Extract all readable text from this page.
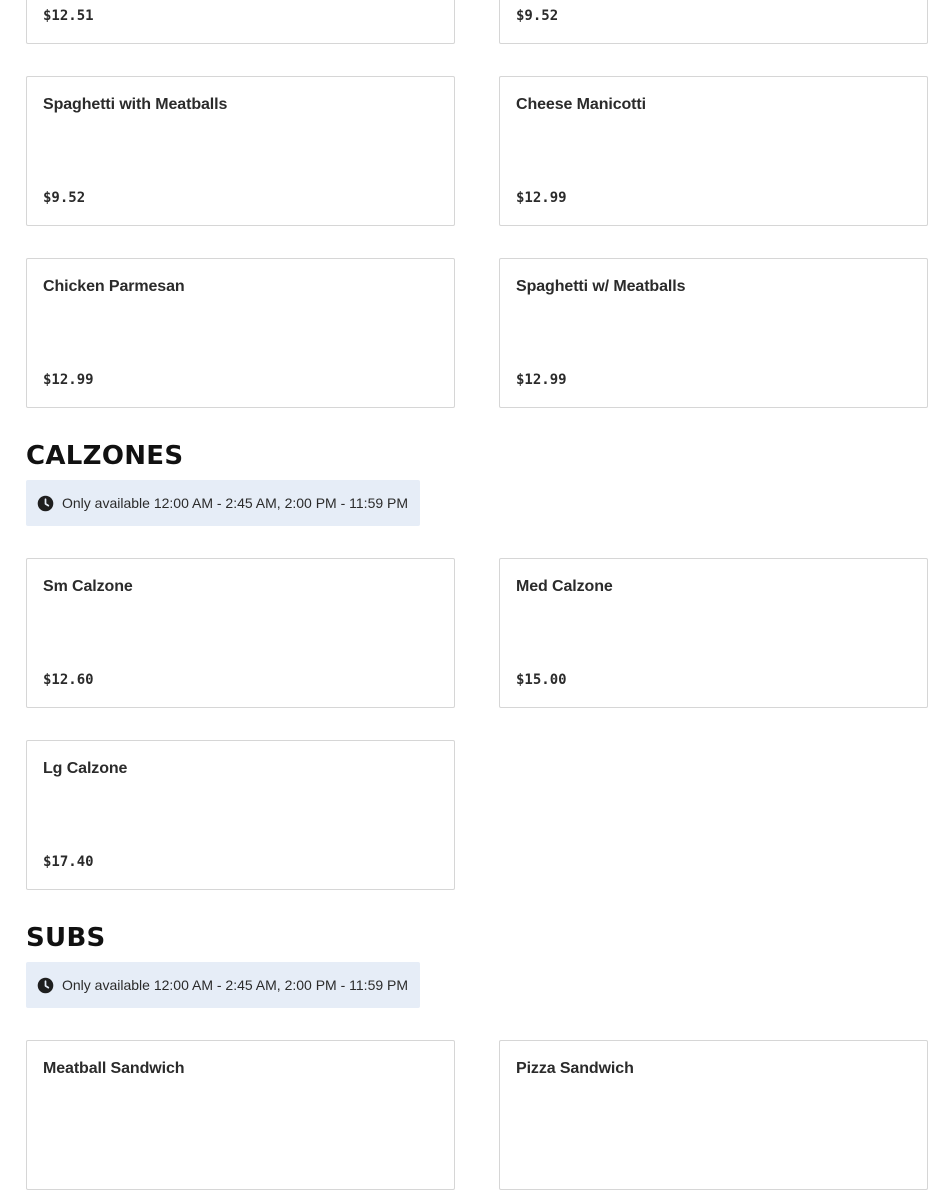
$12.51	$9.52
Spaghetti with Meatballs
$9.52
Cheese Manicotti
$12.99
Chicken Parmesan
$12.99
Spaghetti w/ Meatballs
$12.99
CALZONES
Only available 12:00 AM - 2:45 AM, 2:00 PM - 11:59 PM
Sm Calzone
$12.60
Med Calzone
$15.00
Lg Calzone
$17.40
SUBS
Only available 12:00 AM - 2:45 AM, 2:00 PM - 11:59 PM
Meatball Sandwich	Pizza Sandwich
